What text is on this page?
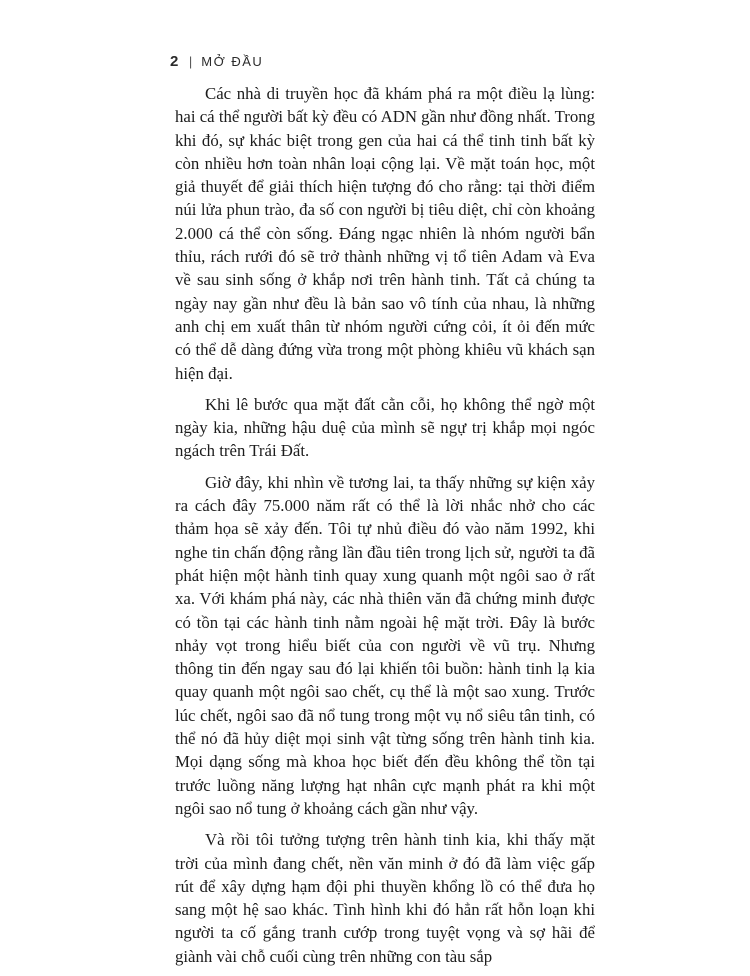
2 | MỞ ĐẦU

Các nhà di truyền học đã khám phá ra một điều lạ lùng: hai cá thể người bất kỳ đều có ADN gần như đồng nhất. Trong khi đó, sự khác biệt trong gen của hai cá thể tinh tinh bất kỳ còn nhiều hơn toàn nhân loại cộng lại. Về mặt toán học, một giả thuyết để giải thích hiện tượng đó cho rằng: tại thời điểm núi lửa phun trào, đa số con người bị tiêu diệt, chỉ còn khoảng 2.000 cá thể còn sống. Đáng ngạc nhiên là nhóm người bẩn thỉu, rách rưới đó sẽ trở thành những vị tổ tiên Adam và Eva về sau sinh sống ở khắp nơi trên hành tinh. Tất cả chúng ta ngày nay gần như đều là bản sao vô tính của nhau, là những anh chị em xuất thân từ nhóm người cứng cỏi, ít ỏi đến mức có thể dễ dàng đứng vừa trong một phòng khiêu vũ khách sạn hiện đại.

Khi lê bước qua mặt đất cằn cỗi, họ không thể ngờ một ngày kia, những hậu duệ của mình sẽ ngự trị khắp mọi ngóc ngách trên Trái Đất.

Giờ đây, khi nhìn về tương lai, ta thấy những sự kiện xảy ra cách đây 75.000 năm rất có thể là lời nhắc nhở cho các thảm họa sẽ xảy đến. Tôi tự nhủ điều đó vào năm 1992, khi nghe tin chấn động rằng lần đầu tiên trong lịch sử, người ta đã phát hiện một hành tinh quay xung quanh một ngôi sao ở rất xa. Với khám phá này, các nhà thiên văn đã chứng minh được có tồn tại các hành tinh nằm ngoài hệ mặt trời. Đây là bước nhảy vọt trong hiểu biết của con người về vũ trụ. Nhưng thông tin đến ngay sau đó lại khiến tôi buồn: hành tinh lạ kia quay quanh một ngôi sao chết, cụ thể là một sao xung. Trước lúc chết, ngôi sao đã nổ tung trong một vụ nổ siêu tân tinh, có thể nó đã hủy diệt mọi sinh vật từng sống trên hành tinh kia. Mọi dạng sống mà khoa học biết đến đều không thể tồn tại trước luồng năng lượng hạt nhân cực mạnh phát ra khi một ngôi sao nổ tung ở khoảng cách gần như vậy.

Và rồi tôi tưởng tượng trên hành tinh kia, khi thấy mặt trời của mình đang chết, nền văn minh ở đó đã làm việc gấp rút để xây dựng hạm đội phi thuyền khổng lồ có thể đưa họ sang một hệ sao khác. Tình hình khi đó hẳn rất hỗn loạn khi người ta cố gắng tranh cướp trong tuyệt vọng và sợ hãi để giành vài chỗ cuối cùng trên những con tàu sắp
